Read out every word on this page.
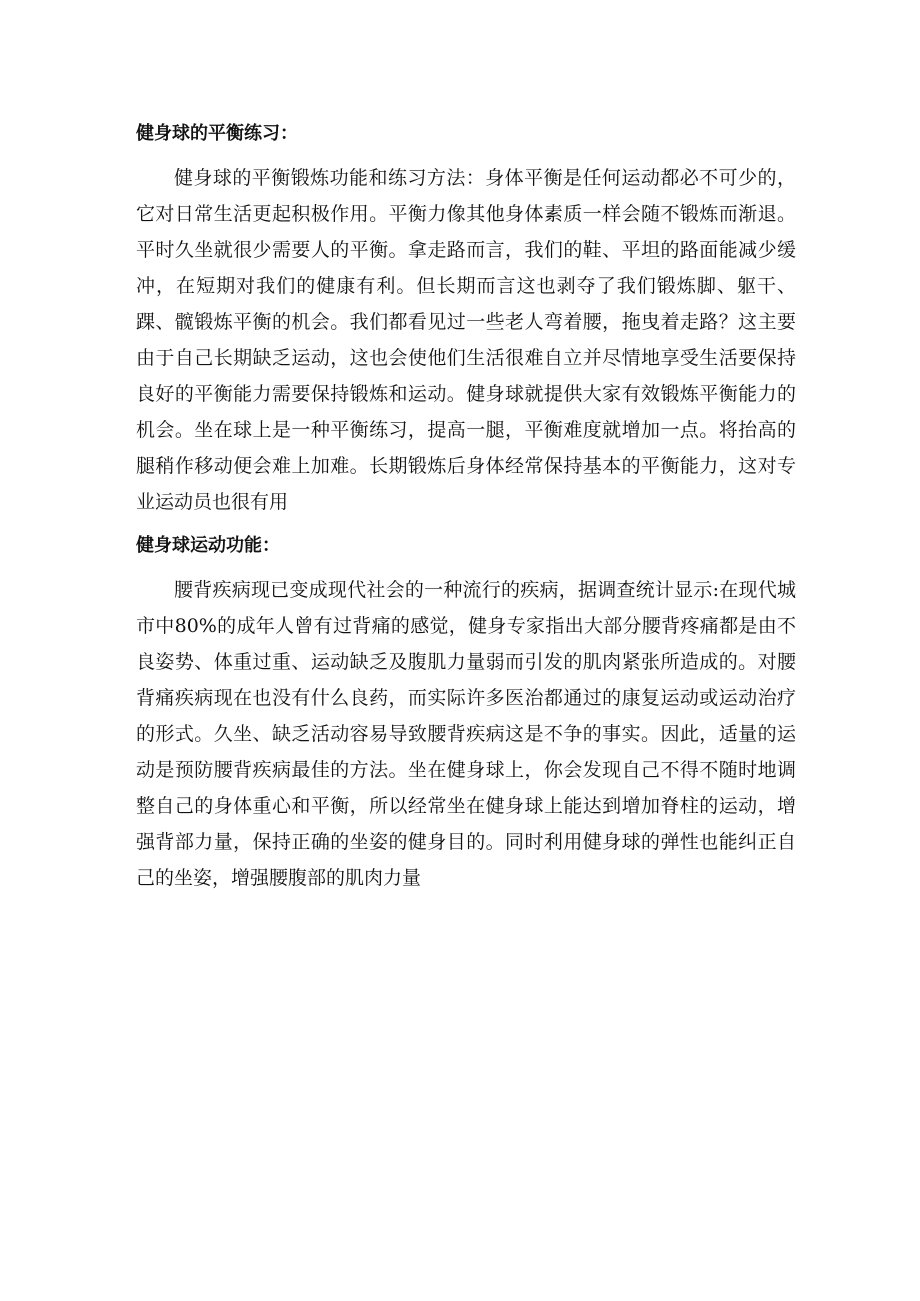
健身球的平衡练习：

健身球的平衡锻炼功能和练习方法：身体平衡是任何运动都必不可少的，它对日常生活更起积极作用。平衡力像其他身体素质一样会随不锻炼而渐退。平时久坐就很少需要人的平衡。拿走路而言，我们的鞋、平坦的路面能减少缓冲，在短期对我们的健康有利。但长期而言这也剥夺了我们锻炼脚、躯干、踝、髋锻炼平衡的机会。我们都看见过一些老人弯着腰，拖曳着走路？这主要由于自己长期缺乏运动，这也会使他们生活很难自立并尽情地享受生活要保持良好的平衡能力需要保持锻炼和运动。健身球就提供大家有效锻炼平衡能力的机会。坐在球上是一种平衡练习，提高一腿，平衡难度就增加一点。将抬高的腿稍作移动便会难上加难。长期锻炼后身体经常保持基本的平衡能力，这对专业运动员也很有用

健身球运动功能：

腰背疾病现已变成现代社会的一种流行的疾病，据调查统计显示:在现代城市中80%的成年人曾有过背痛的感觉，健身专家指出大部分腰背疼痛都是由不良姿势、体重过重、运动缺乏及腹肌力量弱而引发的肌肉紧张所造成的。对腰背痛疾病现在也没有什么良药，而实际许多医治都通过的康复运动或运动治疗的形式。久坐、缺乏活动容易导致腰背疾病这是不争的事实。因此，适量的运动是预防腰背疾病最佳的方法。坐在健身球上，你会发现自己不得不随时地调整自己的身体重心和平衡，所以经常坐在健身球上能达到增加脊柱的运动，增强背部力量，保持正确的坐姿的健身目的。同时利用健身球的弹性也能纠正自己的坐姿，增强腰腹部的肌肉力量
